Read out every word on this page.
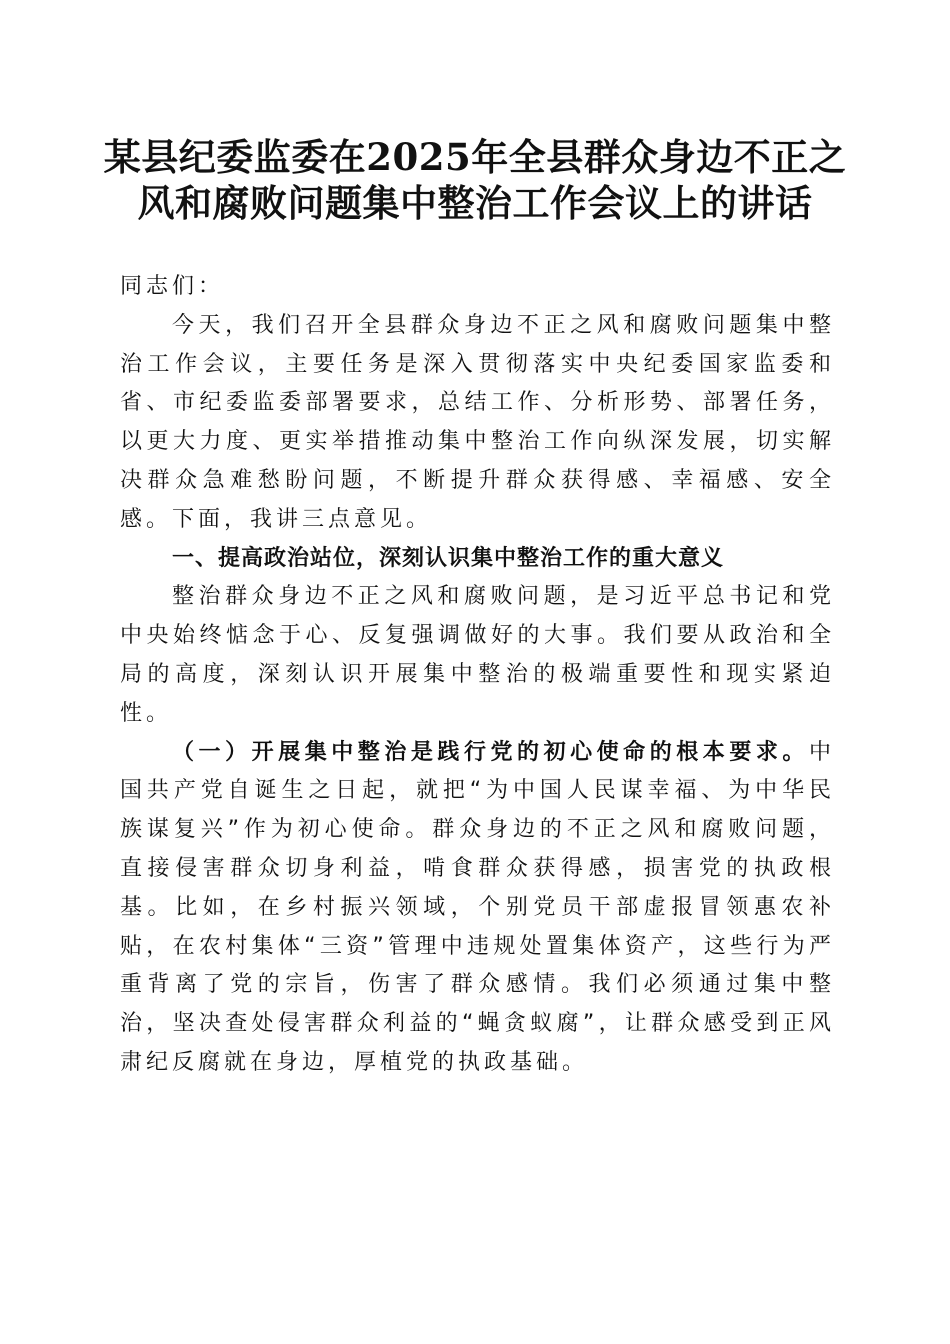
某县纪委监委在2025年全县群众身边不正之
风和腐败问题集中整治工作会议上的讲话

同志们：

今天，我们召开全县群众身边不正之风和腐败问题集中整治工作会议，主要任务是深入贯彻落实中央纪委国家监委和省、市纪委监委部署要求，总结工作、分析形势、部署任务，以更大力度、更实举措推动集中整治工作向纵深发展，切实解决群众急难愁盼问题，不断提升群众获得感、幸福感、安全感。下面，我讲三点意见。

一、提高政治站位，深刻认识集中整治工作的重大意义

整治群众身边不正之风和腐败问题，是习近平总书记和党中央始终惦念于心、反复强调做好的大事。我们要从政治和全局的高度，深刻认识开展集中整治的极端重要性和现实紧迫性。

（一）开展集中整治是践行党的初心使命的根本要求。中国共产党自诞生之日起，就把“为中国人民谋幸福、为中华民族谋复兴”作为初心使命。群众身边的不正之风和腐败问题，直接侵害群众切身利益，啃食群众获得感，损害党的执政根基。比如，在乡村振兴领域，个别党员干部虚报冒领惠农补贴，在农村集体“三资”管理中违规处置集体资产，这些行为严重背离了党的宗旨，伤害了群众感情。我们必须通过集中整治，坚决查处侵害群众利益的“蝇贪蚁腐”，让群众感受到正风肃纪反腐就在身边，厚植党的执政基础。
